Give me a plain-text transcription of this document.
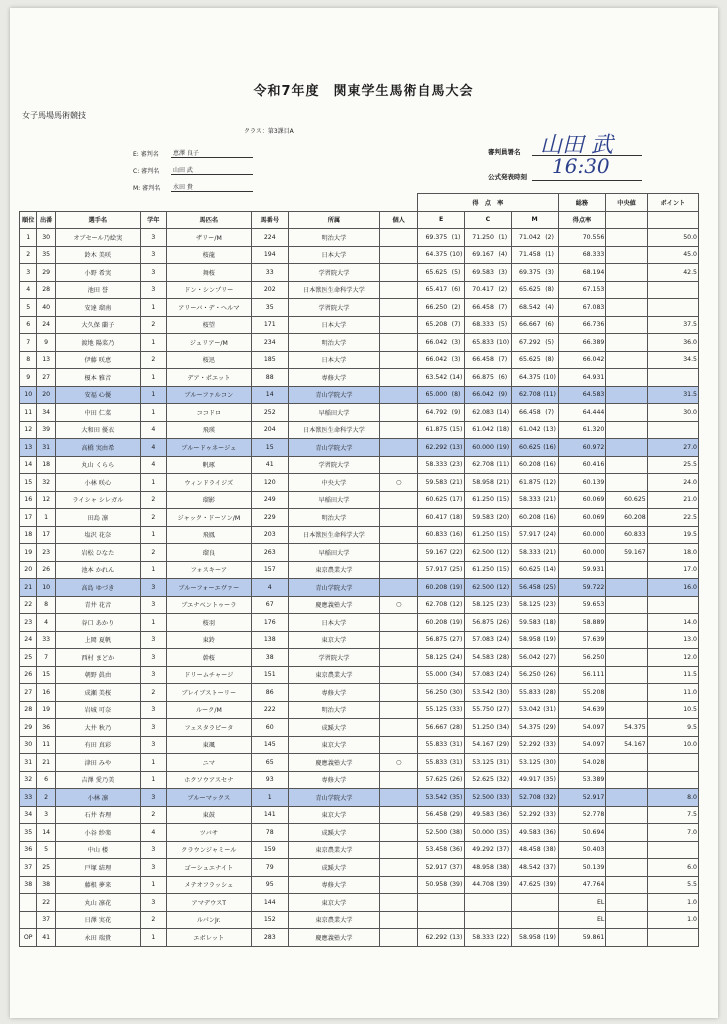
令和7年度　関東学生馬術自馬大会
女子馬場馬術競技
クラス：第3課目A
E: 審判名	恵澤 良子
C: 審判名	山田 武
M: 審判名	水田 貴
審判員署名 山田 武
公式発表時刻 16:30
								得　点　率						総務	中央値	ポイント
順位	出番	選手名	学年	馬匹名	馬番号	所属	個人	E		C		M		得点率		
1	30	オブセール乃絵実	3	ザリー/M	224	明治大学		69.375	(1)	71.250	(1)	71.042	(2)	70.556		50.0
2	35	鈴木 美咲	3	桜龍	194	日本大学		64.375	(10)	69.167	(4)	71.458	(1)	68.333		45.0
3	29	小野 希実	3	舞桜	33	学習院大学		65.625	(5)	69.583	(3)	69.375	(3)	68.194		42.5
4	28	池田 誉	3	ドン・シンプリー	202	日本獣医生命科学大学		65.417	(6)	70.417	(2)	65.625	(8)	67.153		
5	40	安達 瑠南	1	アリーバ・デ・ヘルマ	35	学習院大学		66.250	(2)	66.458	(7)	68.542	(4)	67.083		
6	24	大久保 蘭子	2	桜望	171	日本大学		65.208	(7)	68.333	(5)	66.667	(6)	66.736		37.5
7	9	渡地 陽菜乃	1	ジュリアー/M	234	明治大学		66.042	(3)	65.833	(10)	67.292	(5)	66.389		36.0
8	13	伊藤 咲恵	2	桜迅	185	日本大学		66.042	(3)	66.458	(7)	65.625	(8)	66.042		34.5
9	27	榎本 雅音	1	デア・ポエット	88	専修大学		63.542	(14)	66.875	(6)	64.375	(10)	64.931		
10	20	安福 心優	1	ブルーファルコン	14	青山学院大学		65.000	(8)	66.042	(9)	62.708	(11)	64.583		31.5
11	34	中田 仁菜	1	ココドロ	252	早稲田大学		64.792	(9)	62.083	(14)	66.458	(7)	64.444		30.0
12	39	大和田 優衣	4	飛瑛	204	日本獣医生命科学大学		61.875	(15)	61.042	(18)	61.042	(13)	61.320		
13	31	高橋 実由希	4	ブルードゥネージュ	15	青山学院大学		62.292	(13)	60.000	(19)	60.625	(16)	60.972		27.0
14	18	丸山 くらら	4	帆琢	41	学習院大学		58.333	(23)	62.708	(11)	60.208	(16)	60.416		25.5
15	32	小林 咲心	1	ウィンドライジズ	120	中央大学	○	59.583	(21)	58.958	(21)	61.875	(12)	60.139		24.0
16	12	ライシャ シレガル	2	瑠影	249	早稲田大学		60.625	(17)	61.250	(15)	58.333	(21)	60.069	60.625	21.0
17	1	田島 凛	2	ジャック・ドーソン/M	229	明治大学		60.417	(18)	59.583	(20)	60.208	(16)	60.069	60.208	22.5
18	17	塩沢 花奈	1	飛鳳	203	日本獣医生命科学大学		60.833	(16)	61.250	(15)	57.917	(24)	60.000	60.833	19.5
19	23	岩松 ひなた	2	瑠良	263	早稲田大学		59.167	(22)	62.500	(12)	58.333	(21)	60.000	59.167	18.0
20	26	池本 かれん	1	フォスキーア	157	東京農業大学		57.917	(25)	61.250	(15)	60.625	(14)	59.931		17.0
21	10	高島 ゆづき	3	ブルーフォーエヴァー	4	青山学院大学		60.208	(19)	62.500	(12)	56.458	(25)	59.722		16.0
22	8	青井 花音	3	ブエナベントゥーラ	67	慶應義塾大学	○	62.708	(12)	58.125	(23)	58.125	(23)	59.653		
23	4	谷口 あかり	1	桜羽	176	日本大学		60.208	(19)	56.875	(26)	59.583	(18)	58.889		14.0
24	33	上岡 夏帆	3	東鈴	138	東京大学		56.875	(27)	57.083	(24)	58.958	(19)	57.639		13.0
25	7	西村 まどか	3	幹桜	38	学習院大学		58.125	(24)	54.583	(28)	56.042	(27)	56.250		12.0
26	15	朝野 眞由	3	ドリームチャージ	151	東京農業大学		55.000	(34)	57.083	(24)	56.250	(26)	56.111		11.5
27	16	成瀬 美桜	2	ブレイブストーリー	86	専修大学		56.250	(30)	53.542	(30)	55.833	(28)	55.208		11.0
28	19	岩城 可奈	3	ルーク/M	222	明治大学		55.125	(33)	55.750	(27)	53.042	(31)	54.639		10.5
29	36	大井 秋乃	3	フェスタラピータ	60	成蹊大学		56.667	(28)	51.250	(34)	54.375	(29)	54.097	54.375	9.5
30	11	有田 真彩	3	東颯	145	東京大学		55.833	(31)	54.167	(29)	52.292	(33)	54.097	54.167	10.0
31	21	津田 みや	1	ニマ	65	慶應義塾大学	○	55.833	(31)	53.125	(31)	53.125	(30)	54.028		
32	6	吉澤 愛乃美	1	ホクソウアスセナ	93	専修大学		57.625	(26)	52.625	(32)	49.917	(35)	53.389		
33	2	小林 凛	3	ブルーマックス	1	青山学院大学		53.542	(35)	52.500	(33)	52.708	(32)	52.917		8.0
34	3	石井 杏理	2	東鼓	141	東京大学		56.458	(29)	49.583	(36)	52.292	(33)	52.778		7.5
35	14	小谷 紗楽	4	ツバサ	78	成蹊大学		52.500	(38)	50.000	(35)	49.583	(36)	50.694		7.0
36	5	中山 楼	3	クラウンジャミール	159	東京農業大学		53.458	(36)	49.292	(37)	48.458	(38)	50.403		
37	25	戸塚 結理	3	ゴーシュエナイト	79	成蹊大学		52.917	(37)	48.958	(38)	48.542	(37)	50.139		6.0
38	38	藤根 夢来	1	メテオフラッシュ	95	専修大学		50.958	(39)	44.708	(39)	47.625	(39)	47.764		5.5
	22	丸山 凛花	3	アマデウスT	144	東京大学								EL		1.0
	37	日澤 実花	2	ルパンJr.	152	東京農業大学								EL		1.0
OP	41	永田 瑞貴	1	エボレット	283	慶應義塾大学		62.292	(13)	58.333	(22)	58.958	(19)	59.861		
